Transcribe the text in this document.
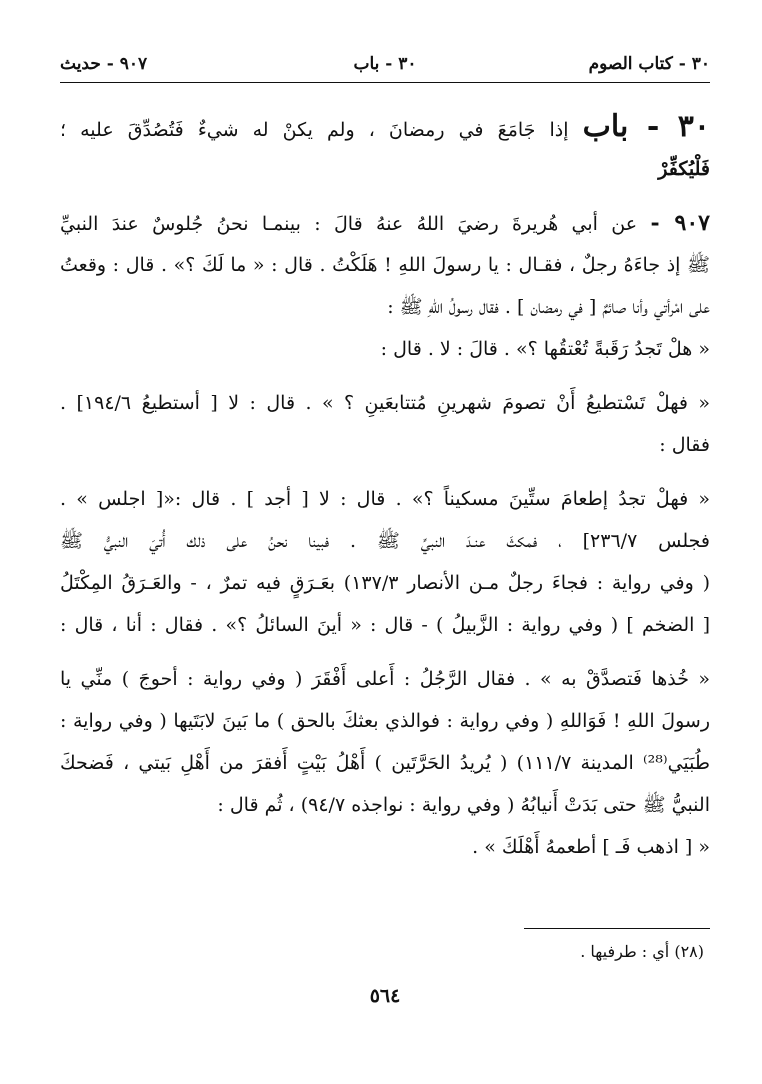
٣٠ - كتاب الصوم
٣٠ - باب
٩٠٧ - حديث
٣٠ - باب إذا جَامَعَ في رمضانَ ، ولم يكنْ له شيءٌ فَتُصُدِّقَ عليه ؛
فَلْيُكفِّرْ
٩٠٧ - عن أبي هُريرةَ رضيَ اللهُ عنهُ قالَ : بينمـا نحنُ جُلوسٌ عندَ النبيِّ
ﷺ إذ جاءَهُ رجلٌ ، فقـال : يا رسولَ اللهِ ! هَلَكْتُ . قال : « ما لَكَ ؟» . قال : وقعتُ
على امْرأتي وأنا صائمٌ [ في رمضان ] . فقال رسولُ اللهِ ﷺ :
« هلْ تَجدُ رَقَبةً تُعْتقُها ؟» . قالَ : لا . قال :
« فهلْ تَسْتطيعُ أَنْ تصومَ شهرينِ مُتتابعَينِ ؟ » . قال : لا [ أستطيعُ ١٩٤/٦] .
فقال :
« فهلْ تجدُ إطعامَ ستِّينَ مسكيناً ؟» . قال : لا [ أجد ] . قال :«[ اجلس » .
فجلس ٢٣٦/٧] ، فمكثَ عنـدَ النبيِّ ﷺ . فبينا نحنُ على ذلك أُتيَ النبيُّ ﷺ
( وفي رواية : فجاءَ رجلٌ مـن الأنصار ١٣٧/٣) بعَـرَقٍ فيه تمرٌ ، - والعَـرَقُ المِكْتَلُ
[ الضخم ] ( وفي رواية : الزَّبيلُ ) - قال : « أينَ السائلُ ؟» . فقال : أنا ، قال :
« خُذها فَتصدَّقْ به » . فقال الرَّجُلُ : أَعلى أَفْقَرَ ( وفي رواية : أحوجَ ) منِّي يا
رسولَ اللهِ ! فَوَاللهِ ( وفي رواية : فوالذي بعثكَ بالحق ) ما بَينَ لابَتَيها ( وفي رواية :
طُبَيَي⁽²⁸⁾ المدينة ١١١/٧) ( يُريدُ الحَرَّتَين ) أَهْلُ بَيْتٍ أَفقرَ من أَهْلِ بَيتي ، فَضحكَ
النبيُّ ﷺ حتى بَدَتْ أَنيابُهُ ( وفي رواية : نواجذه ٩٤/٧) ، ثُم قال :
« [ اذهب فَـ ] أطعمهُ أَهْلَكَ » .
(٢٨) أي : طرفيها .
٥٦٤
